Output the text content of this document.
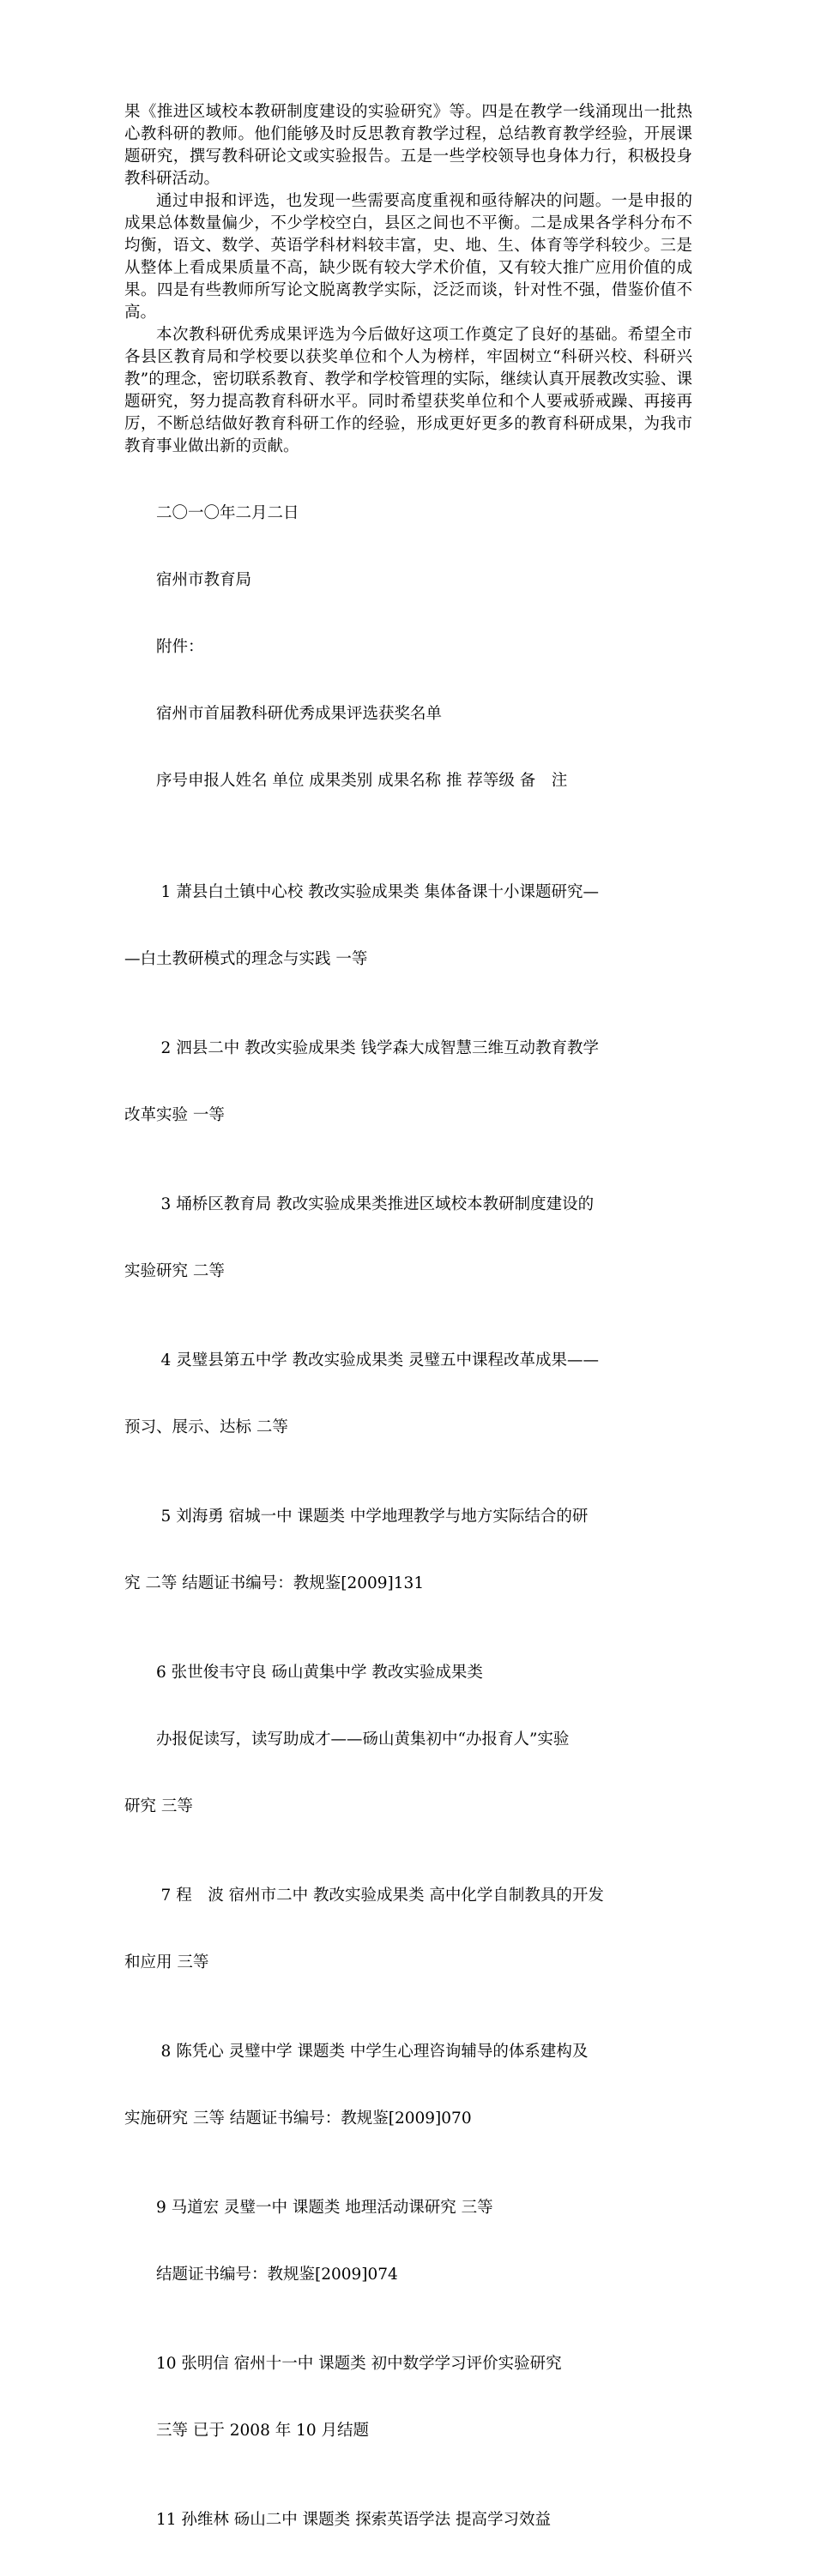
果《推进区域校本教研制度建设的实验研究》等。四是在教学一线涌现出一批热心教科研的教师。他们能够及时反思教育教学过程，总结教育教学经验，开展课题研究，撰写教科研论文或实验报告。五是一些学校领导也身体力行，积极投身教科研活动。

通过申报和评选，也发现一些需要高度重视和亟待解决的问题。一是申报的成果总体数量偏少，不少学校空白，县区之间也不平衡。二是成果各学科分布不均衡，语文、数学、英语学科材料较丰富，史、地、生、体育等学科较少。三是从整体上看成果质量不高，缺少既有较大学术价值，又有较大推广应用价值的成果。四是有些教师所写论文脱离教学实际，泛泛而谈，针对性不强，借鉴价值不高。

本次教科研优秀成果评选为今后做好这项工作奠定了良好的基础。希望全市各县区教育局和学校要以获奖单位和个人为榜样，牢固树立“科研兴校、科研兴教”的理念，密切联系教育、教学和学校管理的实际，继续认真开展教改实验、课题研究，努力提高教育科研水平。同时希望获奖单位和个人要戒骄戒躁、再接再厉，不断总结做好教育科研工作的经验，形成更好更多的教育科研成果，为我市教育事业做出新的贡献。

二〇一〇年二月二日

宿州市教育局

附件：

宿州市首届教科研优秀成果评选获奖名单

序号申报人姓名 单位 成果类别 成果名称 推 荐等级 备　注

1 萧县白土镇中心校 教改实验成果类 集体备课十小课题研究—

—白土教研模式的理念与实践 一等

2 泗县二中 教改实验成果类 钱学森大成智慧三维互动教育教学

改革实验 一等

3 埇桥区教育局 教改实验成果类推进区域校本教研制度建设的

实验研究 二等

4 灵璧县第五中学 教改实验成果类 灵璧五中课程改革成果——

预习、展示、达标 二等

5 刘海勇 宿城一中 课题类 中学地理教学与地方实际结合的研

究 二等 结题证书编号：教规鉴[2009]131

6 张世俊韦守良 砀山黄集中学 教改实验成果类

办报促读写，读写助成才——砀山黄集初中“办报育人”实验

研究 三等

7 程　波 宿州市二中 教改实验成果类 高中化学自制教具的开发

和应用 三等

8 陈凭心 灵璧中学 课题类 中学生心理咨询辅导的体系建构及

实施研究 三等 结题证书编号：教规鉴[2009]070

9 马道宏 灵璧一中 课题类 地理活动课研究 三等

结题证书编号：教规鉴[2009]074

10 张明信 宿州十一中 课题类 初中数学学习评价实验研究

三等 已于 2008 年 10 月结题

11 孙维林 砀山二中 课题类 探索英语学法 提高学习效益
